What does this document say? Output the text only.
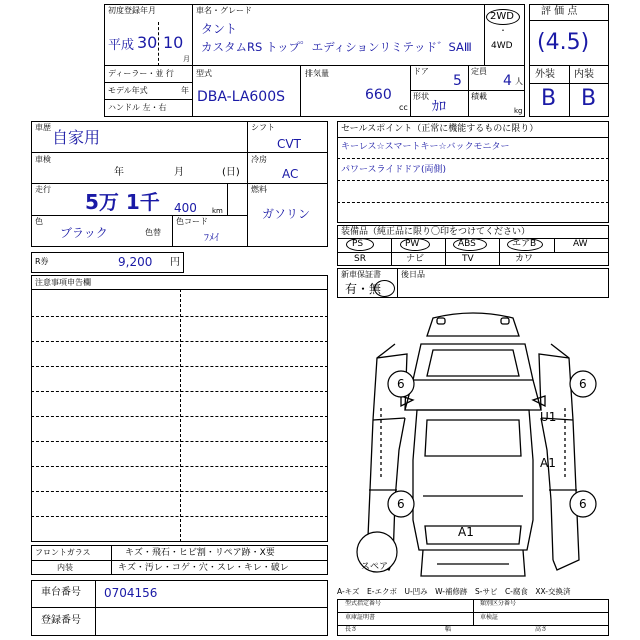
初度登録年月
平成 30 10
月
車名・グレード
タント
カスタムRS トップ゜エディションリミテッド゛SAⅢ
2WD
・
4WD
ディーラー・並 行
モデル年式	年
ハンドル 左・右
型式
DBA-LA600S
排気量
660
cc
ドア
5
定員
4 人
形状
ｶﾛ
積載
kg
評 価 点
(4.5)
外装 内装
B B
車歴
自家用
車検
年	月	(日)
走行
5万 1千 400 km
色
ブラック	色替
色コード
ﾌﾒｲ
シフト
CVT
冷房
AC
燃料
ガソリン
R券	9,200 円
注意事項申告欄
セールスポイント（正常に機能するものに限り）
キーレス☆スマートキー☆バックモニター
パワースライドドア(両側)
装備品（純正品に限り〇印をつけてください）
PS	PW	ABS	エアB	AW
SR	ナビ	TV	カワ
新車保証書
有・無
後日品
6	6
6	6
U1
A1
A1
スペア
フロントガラス	キズ・飛石・ヒビ割・リペア跡・X要
内装	キズ・汚レ・コゲ・穴・スレ・キレ・破レ
車台番号 0704156
登録番号
A-キズ　E-エクボ　U-凹み　W-補修跡　S-サビ　C-腐食　XX-交換済
型式指定番号	類別区分番号
車庫証明書
長さ	幅	高さ
車検証
